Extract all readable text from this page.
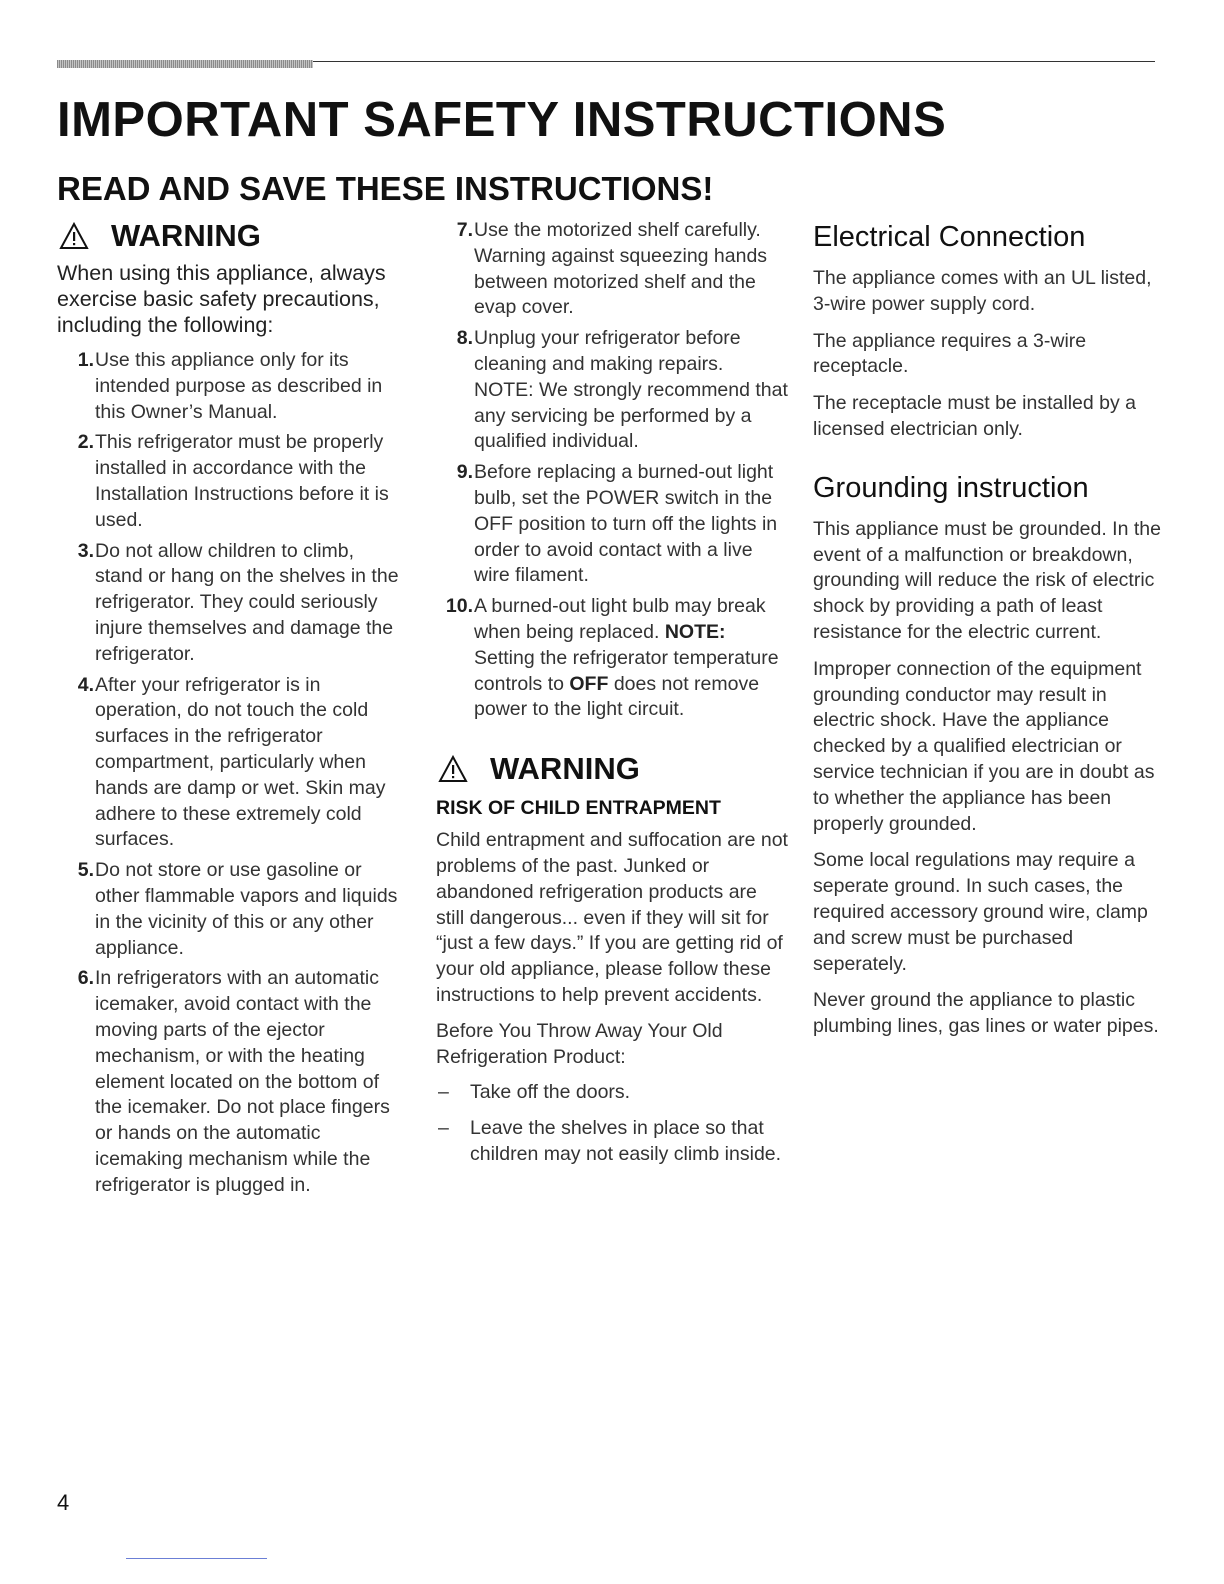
IMPORTANT SAFETY INSTRUCTIONS
READ AND SAVE THESE INSTRUCTIONS!
WARNING

When using this appliance, always exercise basic safety precautions, including the following:

1. Use this appliance only for its intended purpose as described in this Owner’s Manual.
2. This refrigerator must be properly installed in accordance with the Installation Instructions before it is used.
3. Do not allow children to climb, stand or hang on the shelves in the refrigerator. They could seriously injure themselves and damage the refrigerator.
4. After your refrigerator is in operation, do not touch the cold surfaces in the refrigerator compartment, particularly when hands are damp or wet. Skin may adhere to these extremely cold surfaces.
5. Do not store or use gasoline or other flammable vapors and liquids in the vicinity of this or any other appliance.
6. In refrigerators with an automatic icemaker, avoid contact with the moving parts of the ejector mechanism, or with the heating element located on the bottom of the icemaker. Do not place fingers or hands on the automatic icemaking mechanism while the refrigerator is plugged in.
7. Use the motorized shelf carefully. Warning against squeezing hands between motorized shelf and the evap cover.
8. Unplug your refrigerator before cleaning and making repairs. NOTE: We strongly recommend that any servicing be performed by a qualified individual.
9. Before replacing a burned-out light bulb, set the POWER switch in the OFF position to turn off the lights in order to avoid contact with a live wire filament.
10. A burned-out light bulb may break when being replaced. NOTE: Setting the refrigerator temperature controls to OFF does not remove power to the light circuit.
WARNING
RISK OF CHILD ENTRAPMENT

Child entrapment and suffocation are not problems of the past. Junked or abandoned refrigeration products are still dangerous... even if they will sit for “just a few days.” If you are getting rid of your old appliance, please follow these instructions to help prevent accidents.

Before You Throw Away Your Old Refrigeration Product:

–	Take off the doors.
–	Leave the shelves in place so that children may not easily climb inside.
Electrical Connection

The appliance comes with an UL listed, 3-wire power supply cord.

The appliance requires a 3-wire receptacle.

The receptacle must be installed by a licensed electrician only.

Grounding instruction

This appliance must be grounded. In the event of a malfunction or breakdown, grounding will reduce the risk of electric shock by providing a path of least resistance for the electric current.

Improper connection of the equipment grounding conductor may result in electric shock. Have the appliance checked by a qualified electrician or service technician if you are in doubt as to whether the appliance has been properly grounded.

Some local regulations may require a seperate ground. In such cases, the required accessory ground wire, clamp and screw must be purchased seperately.

Never ground the appliance to plastic plumbing lines, gas lines or water pipes.

4
